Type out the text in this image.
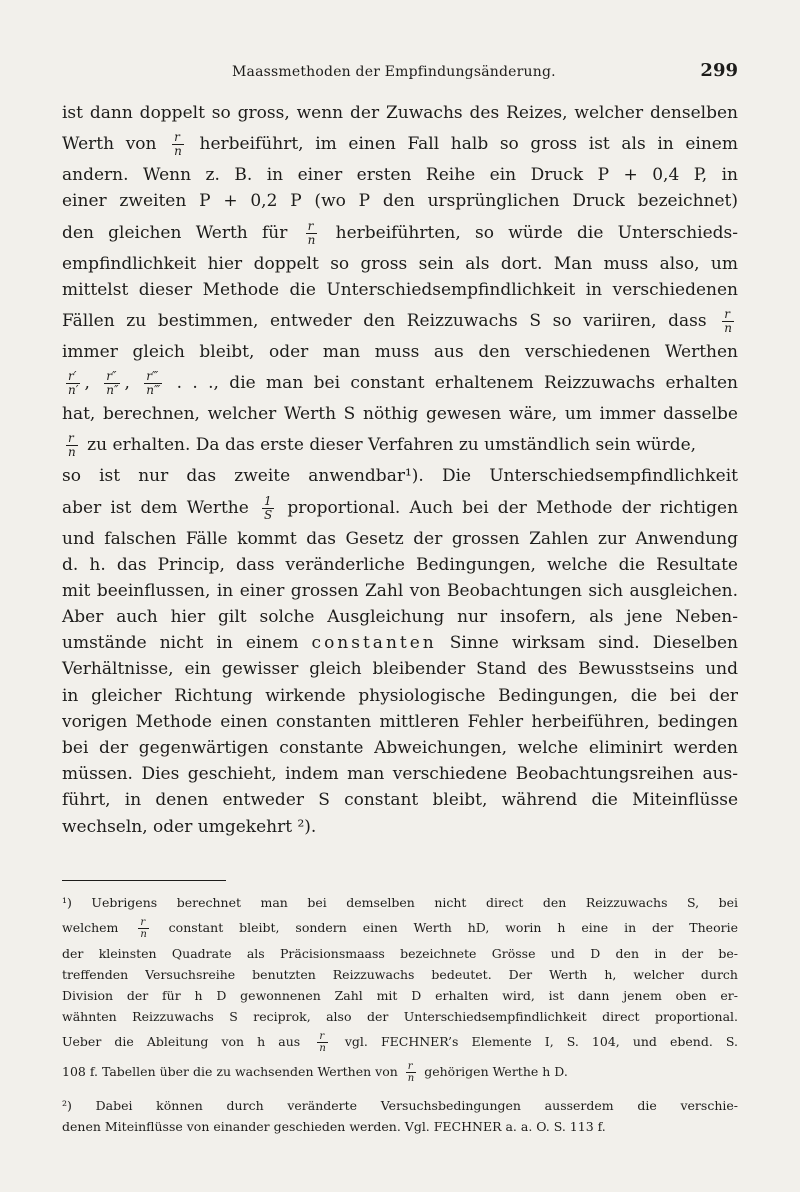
Maassmethoden der Empfindungsänderung.	299
ist dann doppelt so gross, wenn der Zuwachs des Reizes, welcher denselben
Werth von $\frac{r}{n}$ herbeiführt, im einen Fall halb so gross ist als in einem
andern. Wenn z. B. in einer ersten Reihe ein Druck P + 0,4 P, in
einer zweiten P + 0,2 P (wo P den ursprünglichen Druck bezeichnet)
den gleichen Werth für $\frac{r}{n}$ herbeiführten, so würde die Unterschieds-
empfindlichkeit hier doppelt so gross sein als dort. Man muss also, um
mittelst dieser Methode die Unterschiedsempfindlichkeit in verschiedenen
Fällen zu bestimmen, entweder den Reizzuwachs S so variiren, dass $\frac{r}{n}$
immer gleich bleibt, oder man muss aus den verschiedenen Werthen
$\frac{r'}{n'}$ , $\frac{r''}{n''}$ , $\frac{r‴}{n‴}$ . . ., die man bei constant erhaltenem Reizzuwachs erhalten
hat, berechnen, welcher Werth S nöthig gewesen wäre, um immer dasselbe
$\frac{r}{n}$ zu erhalten. Da das erste dieser Verfahren zu umständlich sein würde,
so ist nur das zweite anwendbar¹). Die Unterschiedsempfindlichkeit
aber ist dem Werthe $\frac{1}{S}$ proportional. Auch bei der Methode der richtigen
und falschen Fälle kommt das Gesetz der grossen Zahlen zur Anwendung
d. h. das Princip, dass veränderliche Bedingungen, welche die Resultate
mit beeinflussen, in einer grossen Zahl von Beobachtungen sich ausgleichen.
Aber auch hier gilt solche Ausgleichung nur insofern, als jene Neben-
umstände nicht in einem constanten Sinne wirksam sind. Dieselben
Verhältnisse, ein gewisser gleich bleibender Stand des Bewusstseins und
in gleicher Richtung wirkende physiologische Bedingungen, die bei der
vorigen Methode einen constanten mittleren Fehler herbeiführen, bedingen
bei der gegenwärtigen constante Abweichungen, welche eliminirt werden
müssen. Dies geschieht, indem man verschiedene Beobachtungsreihen aus-
führt, in denen entweder S constant bleibt, während die Miteinflüsse
wechseln, oder umgekehrt ²).
¹) Uebrigens berechnet man bei demselben nicht direct den Reizzuwachs S, bei
welchem $\frac{r}{n}$ constant bleibt, sondern einen Werth hD, worin h eine in der Theorie
der kleinsten Quadrate als Präcisionsmaass bezeichnete Grösse und D den in der be-
treffenden Versuchsreihe benutzten Reizzuwachs bedeutet. Der Werth h, welcher durch
Division der für h D gewonnenen Zahl mit D erhalten wird, ist dann jenem oben er-
wähnten Reizzuwachs S reciprok, also der Unterschiedsempfindlichkeit direct proportional.
Ueber die Ableitung von h aus $\frac{r}{n}$ vgl. FECHNER’s Elemente I, S. 104, und ebend. S.
108 f. Tabellen über die zu wachsenden Werthen von $\frac{r}{n}$ gehörigen Werthe h D.
²) Dabei können durch veränderte Versuchsbedingungen ausserdem die verschie-
denen Miteinflüsse von einander geschieden werden. Vgl. FECHNER a. a. O. S. 113 f.
